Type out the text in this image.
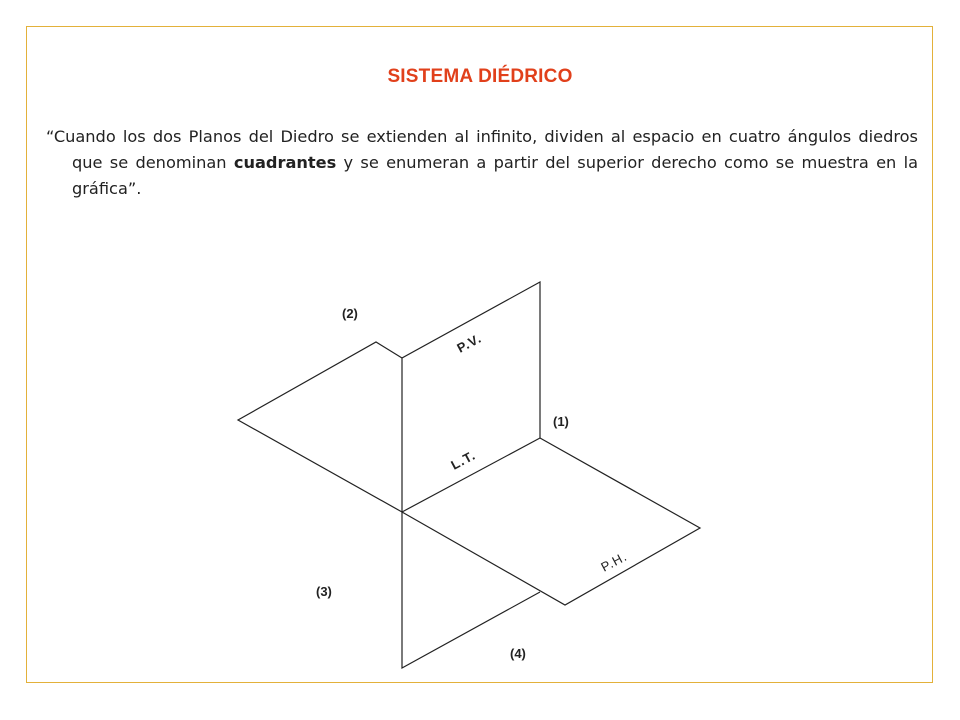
SISTEMA DIÉDRICO
“Cuando los dos Planos del Diedro se extienden al infinito, dividen al espacio en cuatro ángulos diedros que se denominan cuadrantes y se enumeran a partir del superior derecho como se muestra en la gráfica”.
(2)
(1)
(3)
(4)
P.V.
L.T.
P.H.
